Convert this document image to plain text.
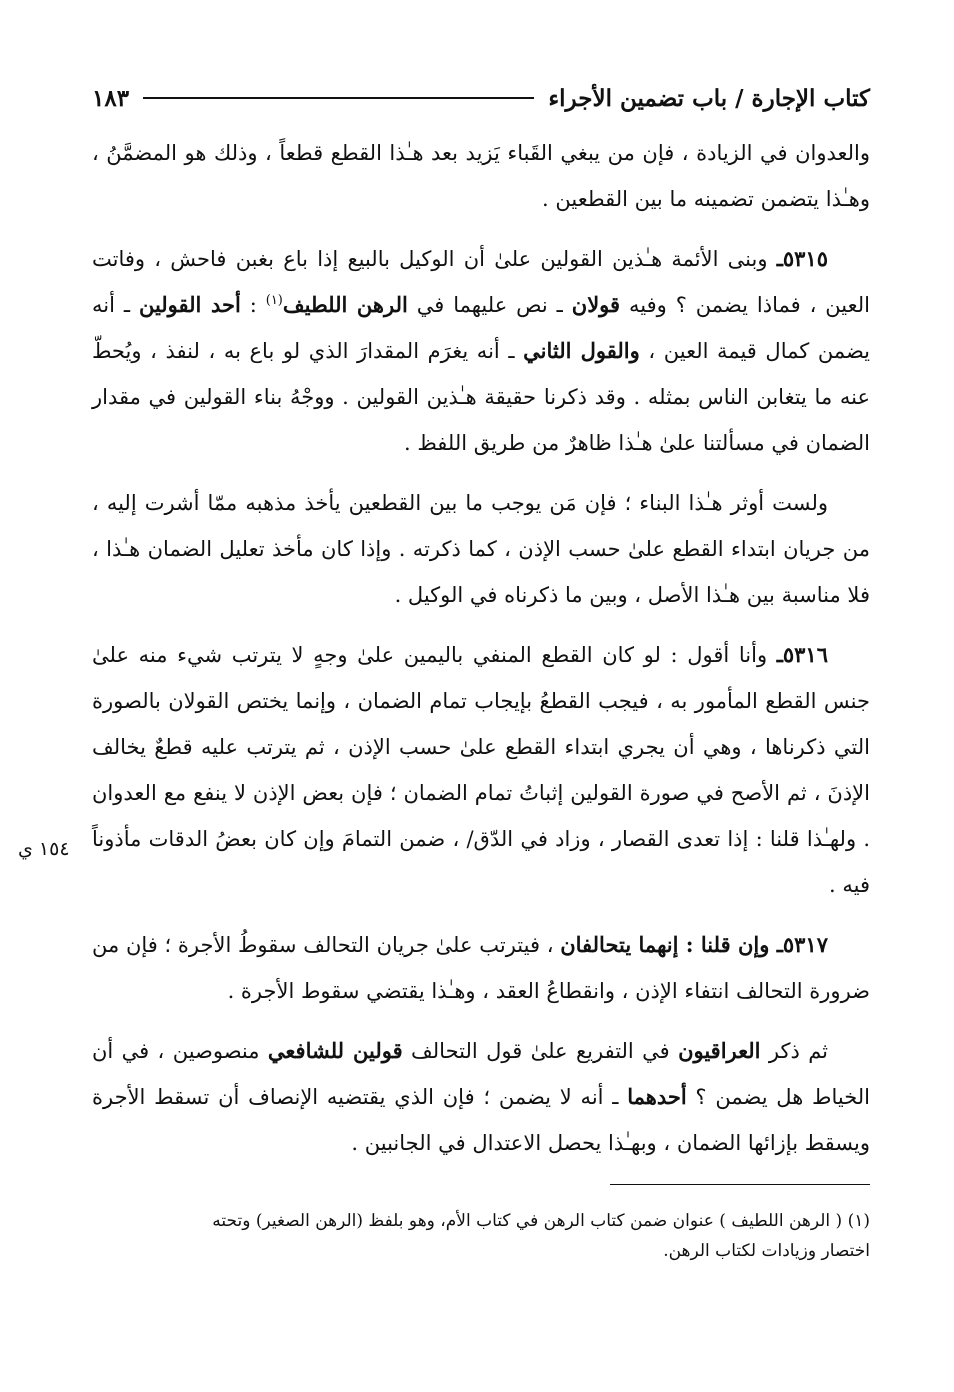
كتاب الإجارة / باب تضمين الأجراء
١٨٣

والعدوان في الزيادة ، فإن من يبغي القَباء يَزيد بعد هـٰذا القطع قطعاً ، وذلك هو المضمَّنُ ، وهـٰذا يتضمن تضمينه ما بين القطعين .

٥٣١٥ـ وبنى الأئمة هـٰذين القولين علىٰ أن الوكيل بالبيع إذا باع بغبن فاحش ، وفاتت العين ، فماذا يضمن ؟ وفيه قولان ـ نص عليهما في الرهن اللطيف$^{(١)}$ : أحد القولين ـ أنه يضمن كمال قيمة العين ، والقول الثاني ـ أنه يغرَم المقدارَ الذي لو باع به ، لنفذ ، ويُحطّ عنه ما يتغابن الناس بمثله . وقد ذكرنا حقيقة هـٰذين القولين . ووجْهُ بناء القولين في مقدار الضمان في مسألتنا علىٰ هـٰذا ظاهرٌ من طريق اللفظ .

ولست أوثر هـٰذا البناء ؛ فإن مَن يوجب ما بين القطعين يأخذ مذهبه ممّا أشرت إليه ، من جريان ابتداء القطع علىٰ حسب الإذن ، كما ذكرته . وإذا كان مأخذ تعليل الضمان هـٰذا ، فلا مناسبة بين هـٰذا الأصل ، وبين ما ذكرناه في الوكيل .

٥٣١٦ـ وأنا أقول : لو كان القطع المنفي باليمين علىٰ وجهٍ لا يترتب شيء منه علىٰ جنس القطع المأمور به ، فيجب القطعُ بإيجاب تمام الضمان ، وإنما يختص القولان بالصورة التي ذكرناها ، وهي أن يجري ابتداء القطع علىٰ حسب الإذن ، ثم يترتب عليه قطعٌ يخالف الإذنَ ، ثم الأصح في صورة القولين إثباتُ تمام الضمان ؛ فإن بعض الإذن لا ينفع مع العدوان . ولهـٰذا قلنا : إذا تعدى القصار ، وزاد في الدّق/ ، ضمن التمامَ وإن كان بعضُ الدقات مأذوناً فيه .

٥٣١٧ـ وإن قلنا : إنهما يتحالفان ، فيترتب علىٰ جريان التحالف سقوطُ الأجرة ؛ فإن من ضرورة التحالف انتفاء الإذن ، وانقطاعُ العقد ، وهـٰذا يقتضي سقوط الأجرة .

ثم ذكر العراقيون في التفريع علىٰ قول التحالف قولين للشافعي منصوصين ، في أن الخياط هل يضمن ؟ أحدهما ـ أنه لا يضمن ؛ فإن الذي يقتضيه الإنصاف أن تسقط الأجرة ويسقط بإزائها الضمان ، وبهـٰذا يحصل الاعتدال في الجانبين .

١٥٤ ي

(١) ( الرهن اللطيف ) عنوان ضمن كتاب الرهن في كتاب الأم، وهو بلفظ (الرهن الصغير) وتحته

اختصار وزيادات لكتاب الرهن.
